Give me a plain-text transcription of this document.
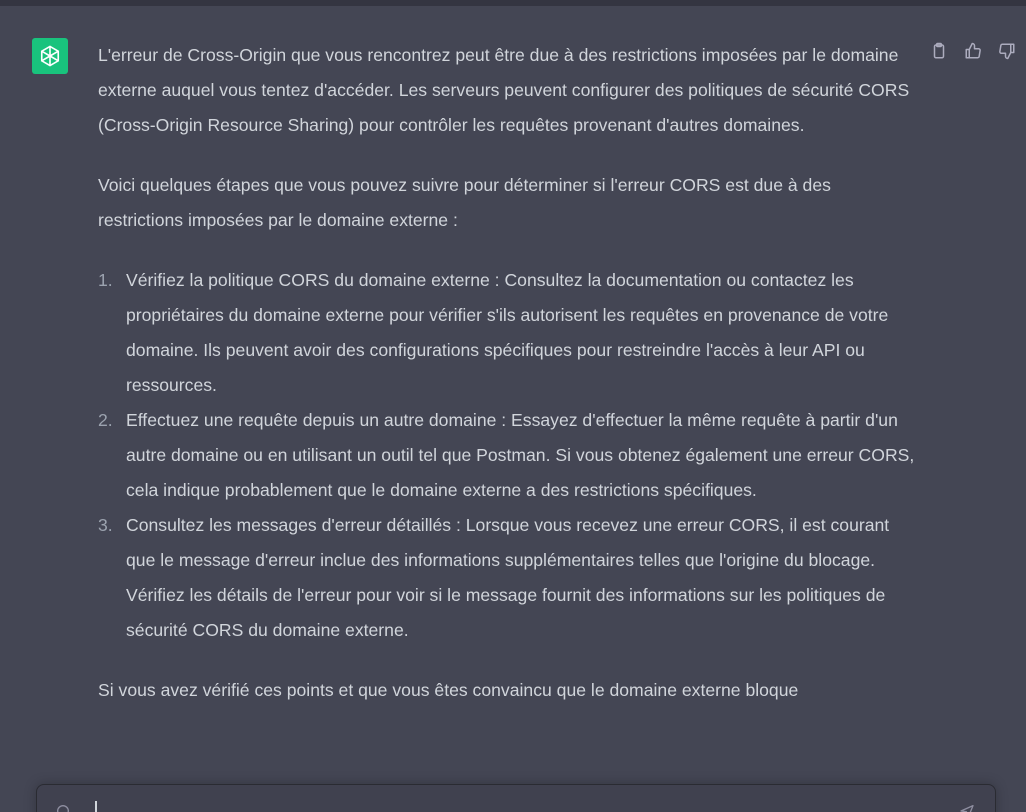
L'erreur de Cross-Origin que vous rencontrez peut être due à des restrictions imposées par le domaine externe auquel vous tentez d'accéder. Les serveurs peuvent configurer des politiques de sécurité CORS (Cross-Origin Resource Sharing) pour contrôler les requêtes provenant d'autres domaines.

Voici quelques étapes que vous pouvez suivre pour déterminer si l'erreur CORS est due à des restrictions imposées par le domaine externe :

1. Vérifiez la politique CORS du domaine externe : Consultez la documentation ou contactez les propriétaires du domaine externe pour vérifier s'ils autorisent les requêtes en provenance de votre domaine. Ils peuvent avoir des configurations spécifiques pour restreindre l'accès à leur API ou ressources.
2. Effectuez une requête depuis un autre domaine : Essayez d'effectuer la même requête à partir d'un autre domaine ou en utilisant un outil tel que Postman. Si vous obtenez également une erreur CORS, cela indique probablement que le domaine externe a des restrictions spécifiques.
3. Consultez les messages d'erreur détaillés : Lorsque vous recevez une erreur CORS, il est courant que le message d'erreur inclue des informations supplémentaires telles que l'origine du blocage. Vérifiez les détails de l'erreur pour voir si le message fournit des informations sur les politiques de sécurité CORS du domaine externe.

Si vous avez vérifié ces points et que vous êtes convaincu que le domaine externe bloque
